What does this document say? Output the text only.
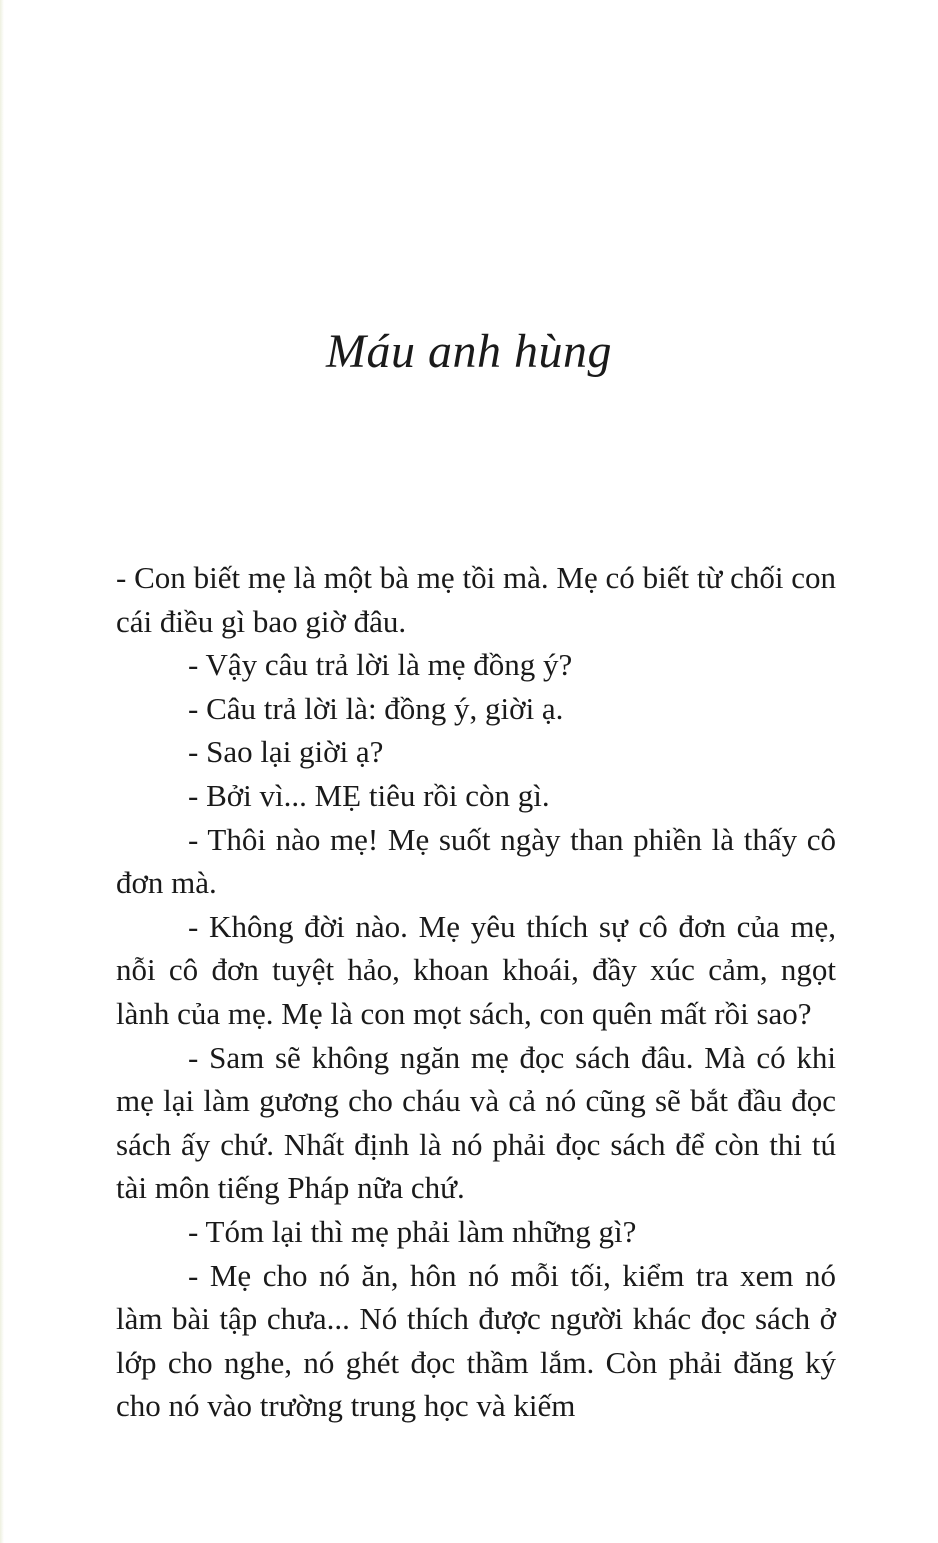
Máu anh hùng

- Con biết mẹ là một bà mẹ tồi mà. Mẹ có biết từ chối con cái điều gì bao giờ đâu.

- Vậy câu trả lời là mẹ đồng ý?

- Câu trả lời là: đồng ý, giời ạ.

- Sao lại giời ạ?

- Bởi vì... MẸ tiêu rồi còn gì.

- Thôi nào mẹ! Mẹ suốt ngày than phiền là thấy cô đơn mà.

- Không đời nào. Mẹ yêu thích sự cô đơn của mẹ, nỗi cô đơn tuyệt hảo, khoan khoái, đầy xúc cảm, ngọt lành của mẹ. Mẹ là con mọt sách, con quên mất rồi sao?

- Sam sẽ không ngăn mẹ đọc sách đâu. Mà có khi mẹ lại làm gương cho cháu và cả nó cũng sẽ bắt đầu đọc sách ấy chứ. Nhất định là nó phải đọc sách để còn thi tú tài môn tiếng Pháp nữa chứ.

- Tóm lại thì mẹ phải làm những gì?

- Mẹ cho nó ăn, hôn nó mỗi tối, kiểm tra xem nó làm bài tập chưa... Nó thích được người khác đọc sách ở lớp cho nghe, nó ghét đọc thầm lắm. Còn phải đăng ký cho nó vào trường trung học và kiếm
